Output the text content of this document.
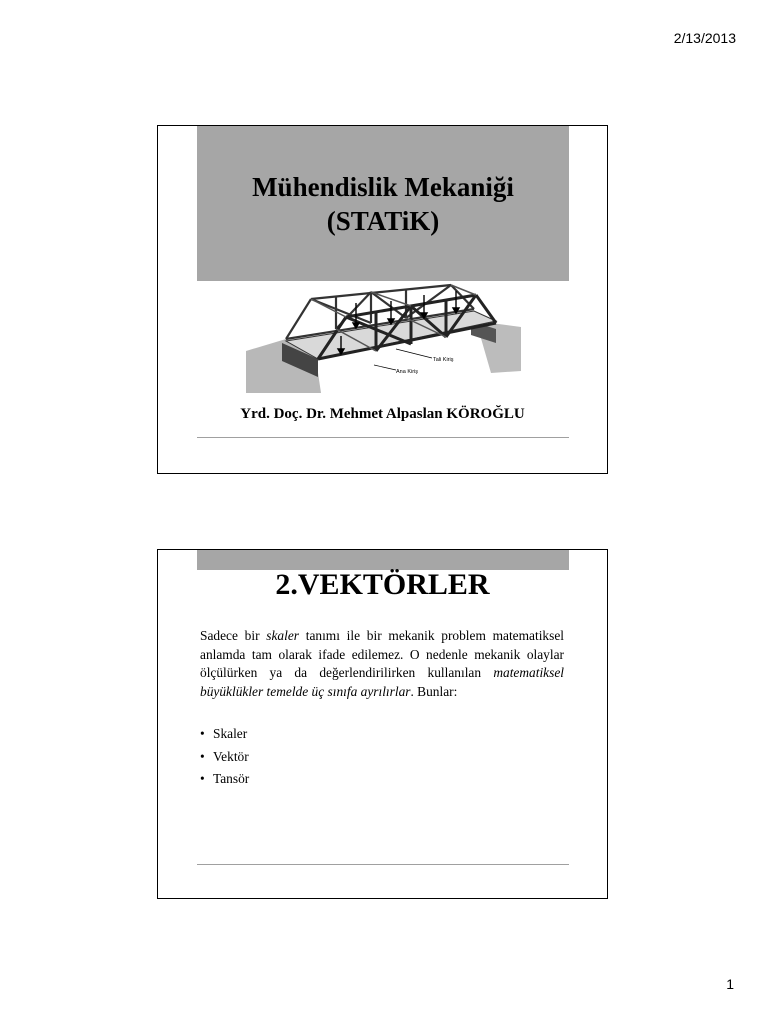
2/13/2013
Mühendislik Mekaniği
(STATiK)
Tali Kiriş
Ana Kiriş
Yrd. Doç. Dr. Mehmet Alpaslan KÖROĞLU
2.VEKTÖRLER
Sadece bir skaler tanımı ile bir mekanik problem matematiksel anlamda tam olarak ifade edilemez. O nedenle mekanik olaylar ölçülürken ya da değerlendirilirken kullanılan matematiksel büyüklükler temelde üç sınıfa ayrılırlar. Bunlar:
• Skaler
• Vektör
• Tansör
1
